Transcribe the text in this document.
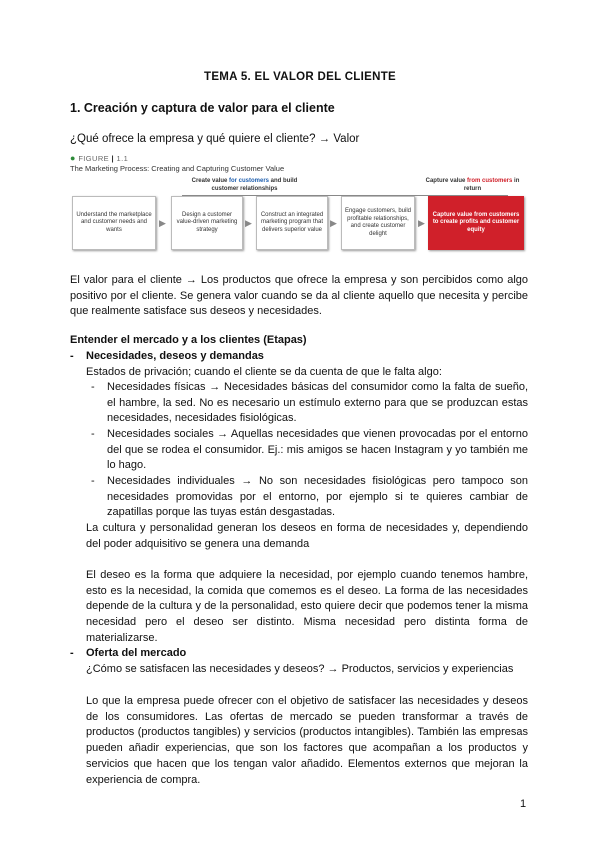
TEMA 5. EL VALOR DEL CLIENTE
1. Creación y captura de valor para el cliente
¿Qué ofrece la empresa y qué quiere el cliente? → Valor
● FIGURE | 1.1
The Marketing Process: Creating and Capturing Customer Value
Create value for customers and build customer relationships
Capture value from customers in return
Understand the marketplace and customer needs and wants
▶
Design a customer value-driven marketing strategy
▶
Construct an integrated marketing program that delivers superior value
▶
Engage customers, build profitable relationships, and create customer delight
▶
Capture value from customers to create profits and customer equity
El valor para el cliente → Los productos que ofrece la empresa y son percibidos como algo positivo por el cliente. Se genera valor cuando se da al cliente aquello que necesita y percibe que realmente satisface sus deseos y necesidades.
Entender el mercado y a los clientes (Etapas)
- Necesidades, deseos y demandas
Estados de privación; cuando el cliente se da cuenta de que le falta algo:
- Necesidades físicas → Necesidades básicas del consumidor como la falta de sueño, el hambre, la sed. No es necesario un estímulo externo para que se produzcan estas necesidades, necesidades fisiológicas.
- Necesidades sociales → Aquellas necesidades que vienen provocadas por el entorno del que se rodea el consumidor. Ej.: mis amigos se hacen Instagram y yo también me lo hago.
- Necesidades individuales → No son necesidades fisiológicas pero tampoco son necesidades promovidas por el entorno, por ejemplo si te quieres cambiar de zapatillas porque las tuyas están desgastadas.
La cultura y personalidad generan los deseos en forma de necesidades y, dependiendo del poder adquisitivo se genera una demanda
El deseo es la forma que adquiere la necesidad, por ejemplo cuando tenemos hambre, esto es la necesidad, la comida que comemos es el deseo. La forma de las necesidades depende de la cultura y de la personalidad, esto quiere decir que podemos tener la misma necesidad pero el deseo ser distinto. Misma necesidad pero distinta forma de materializarse.
- Oferta del mercado
¿Cómo se satisfacen las necesidades y deseos? → Productos, servicios y experiencias
Lo que la empresa puede ofrecer con el objetivo de satisfacer las necesidades y deseos de los consumidores. Las ofertas de mercado se pueden transformar a través de productos (productos tangibles) y servicios (productos intangibles). También las empresas pueden añadir experiencias, que son los factores que acompañan a los productos y servicios que hacen que los tengan valor añadido. Elementos externos que mejoran la experiencia de compra.
1
